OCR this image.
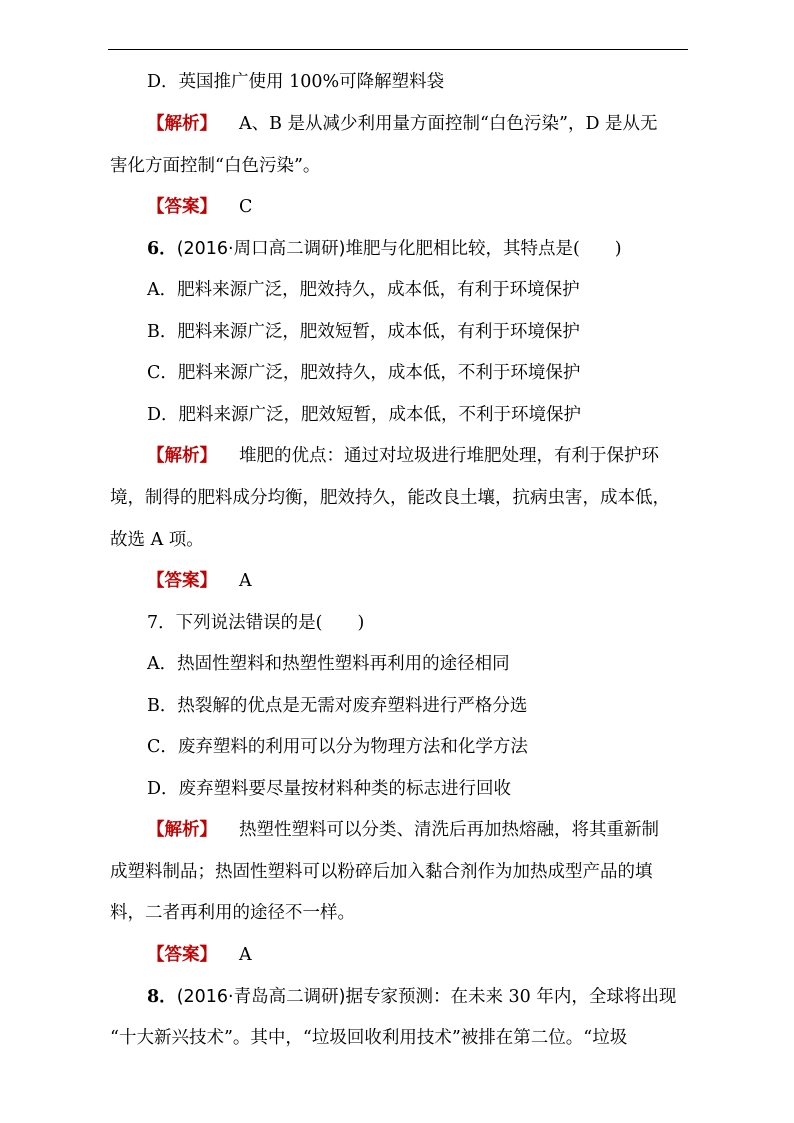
D．英国推广使用 100%可降解塑料袋
【解析】 A、B 是从减少利用量方面控制“白色污染”，D 是从无
害化方面控制“白色污染”。
【答案】 C
6．(2016·周口高二调研)堆肥与化肥相比较，其特点是(　　)
A．肥料来源广泛，肥效持久，成本低，有利于环境保护
B．肥料来源广泛，肥效短暂，成本低，有利于环境保护
C．肥料来源广泛，肥效持久，成本低，不利于环境保护
D．肥料来源广泛，肥效短暂，成本低，不利于环境保护
【解析】 堆肥的优点：通过对垃圾进行堆肥处理，有利于保护环
境，制得的肥料成分均衡，肥效持久，能改良土壤，抗病虫害，成本低，
故选 A 项。
【答案】 A
7．下列说法错误的是(　　)
A．热固性塑料和热塑性塑料再利用的途径相同
B．热裂解的优点是无需对废弃塑料进行严格分选
C．废弃塑料的利用可以分为物理方法和化学方法
D．废弃塑料要尽量按材料种类的标志进行回收
【解析】 热塑性塑料可以分类、清洗后再加热熔融，将其重新制
成塑料制品；热固性塑料可以粉碎后加入黏合剂作为加热成型产品的填
料，二者再利用的途径不一样。
【答案】 A
8．(2016·青岛高二调研)据专家预测：在未来 30 年内，全球将出现
“十大新兴技术”。其中，“垃圾回收利用技术”被排在第二位。“垃圾
